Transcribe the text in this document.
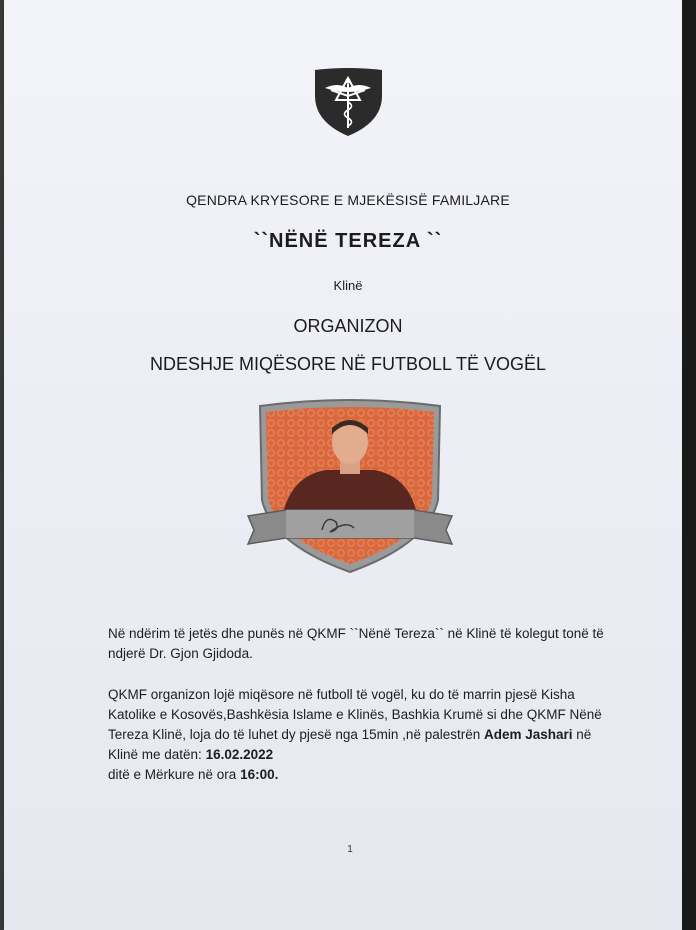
QENDRA KRYESORE E MJEKËSISË FAMILJARE
``NËNË TEREZA ``
Klinë
ORGANIZON
NDESHJE MIQËSORE NË FUTBOLL TË VOGËL
Në ndërim të jetës dhe punës në QKMF ``Nënë Tereza`` në Klinë të kolegut tonë të ndjerë Dr. Gjon Gjidoda.
QKMF organizon lojë miqësore në futboll të vogël, ku do të marrin pjesë Kisha Katolike e Kosovës,Bashkësia Islame e Klinës, Bashkia Krumë si dhe QKMF Nënë Tereza Klinë, loja do të luhet dy pjesë nga 15min ,në palestrën Adem Jashari në Klinë me datën: 16.02.2022
ditë e Mërkure në ora 16:00.
1
